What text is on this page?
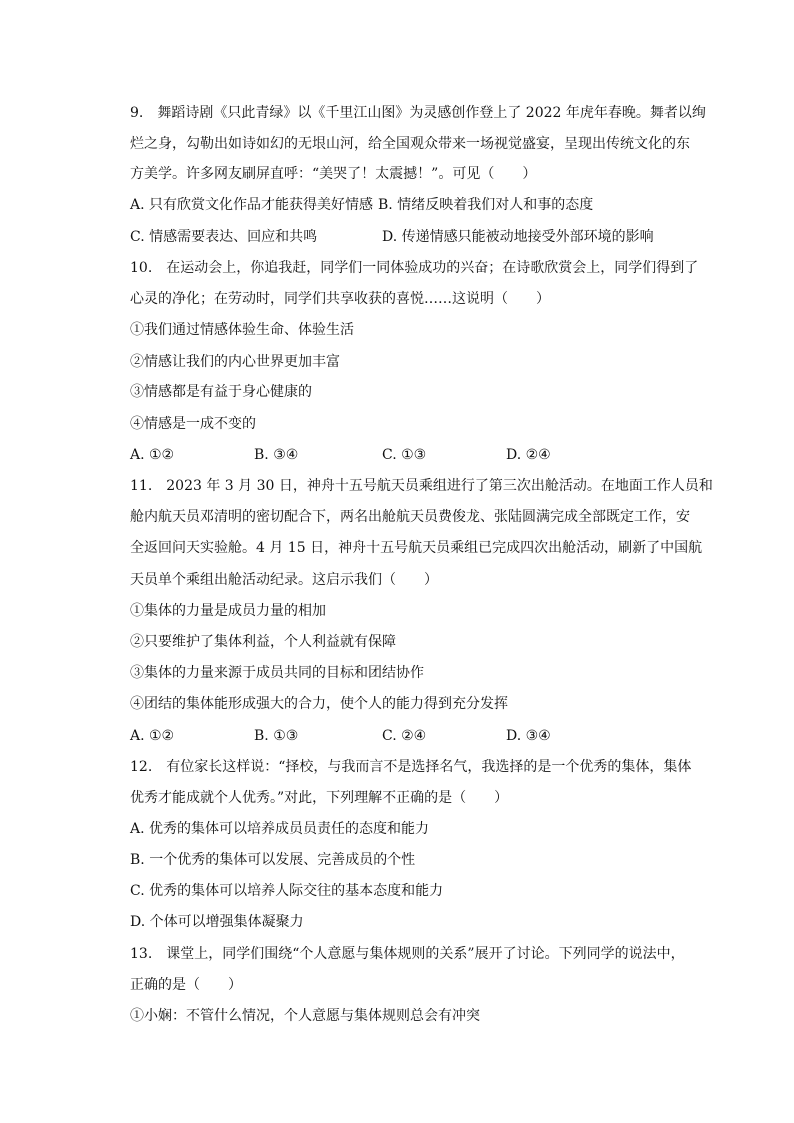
9.　舞蹈诗剧《只此青绿》以《千里江山图》为灵感创作登上了 2022 年虎年春晚。舞者以绚
烂之身，勾勒出如诗如幻的无垠山河，给全国观众带来一场视觉盛宴，呈现出传统文化的东
方美学。许多网友刷屏直呼：“美哭了！太震撼！”。可见（　　）
A. 只有欣赏文化作品才能获得美好情感 B. 情绪反映着我们对人和事的态度
C. 情感需要表达、回应和共鸣	D. 传递情感只能被动地接受外部环境的影响
10.　在运动会上，你追我赶，同学们一同体验成功的兴奋；在诗歌欣赏会上，同学们得到了
心灵的净化；在劳动时，同学们共享收获的喜悦……这说明（　　）
①我们通过情感体验生命、体验生活
②情感让我们的内心世界更加丰富
③情感都是有益于身心健康的
④情感是一成不变的
A. ①②	B. ③④	C. ①③	D. ②④
11.　2023 年 3 月 30 日，神舟十五号航天员乘组进行了第三次出舱活动。在地面工作人员和
舱内航天员邓清明的密切配合下，两名出舱航天员费俊龙、张陆圆满完成全部既定工作，安
全返回问天实验舱。4 月 15 日，神舟十五号航天员乘组已完成四次出舱活动，刷新了中国航
天员单个乘组出舱活动纪录。这启示我们（　　）
①集体的力量是成员力量的相加
②只要维护了集体利益，个人利益就有保障
③集体的力量来源于成员共同的目标和团结协作
④团结的集体能形成强大的合力，使个人的能力得到充分发挥
A. ①②	B. ①③	C. ②④	D. ③④
12.　有位家长这样说：“择校，与我而言不是选择名气，我选择的是一个优秀的集体，集体
优秀才能成就个人优秀。”对此，下列理解不正确的是（　　）
A. 优秀的集体可以培养成员员责任的态度和能力
B. 一个优秀的集体可以发展、完善成员的个性
C. 优秀的集体可以培养人际交往的基本态度和能力
D. 个体可以增强集体凝聚力
13.　课堂上，同学们围绕“个人意愿与集体规则的关系”展开了讨论。下列同学的说法中，
正确的是（　　）
①小娴：不管什么情况，个人意愿与集体规则总会有冲突
